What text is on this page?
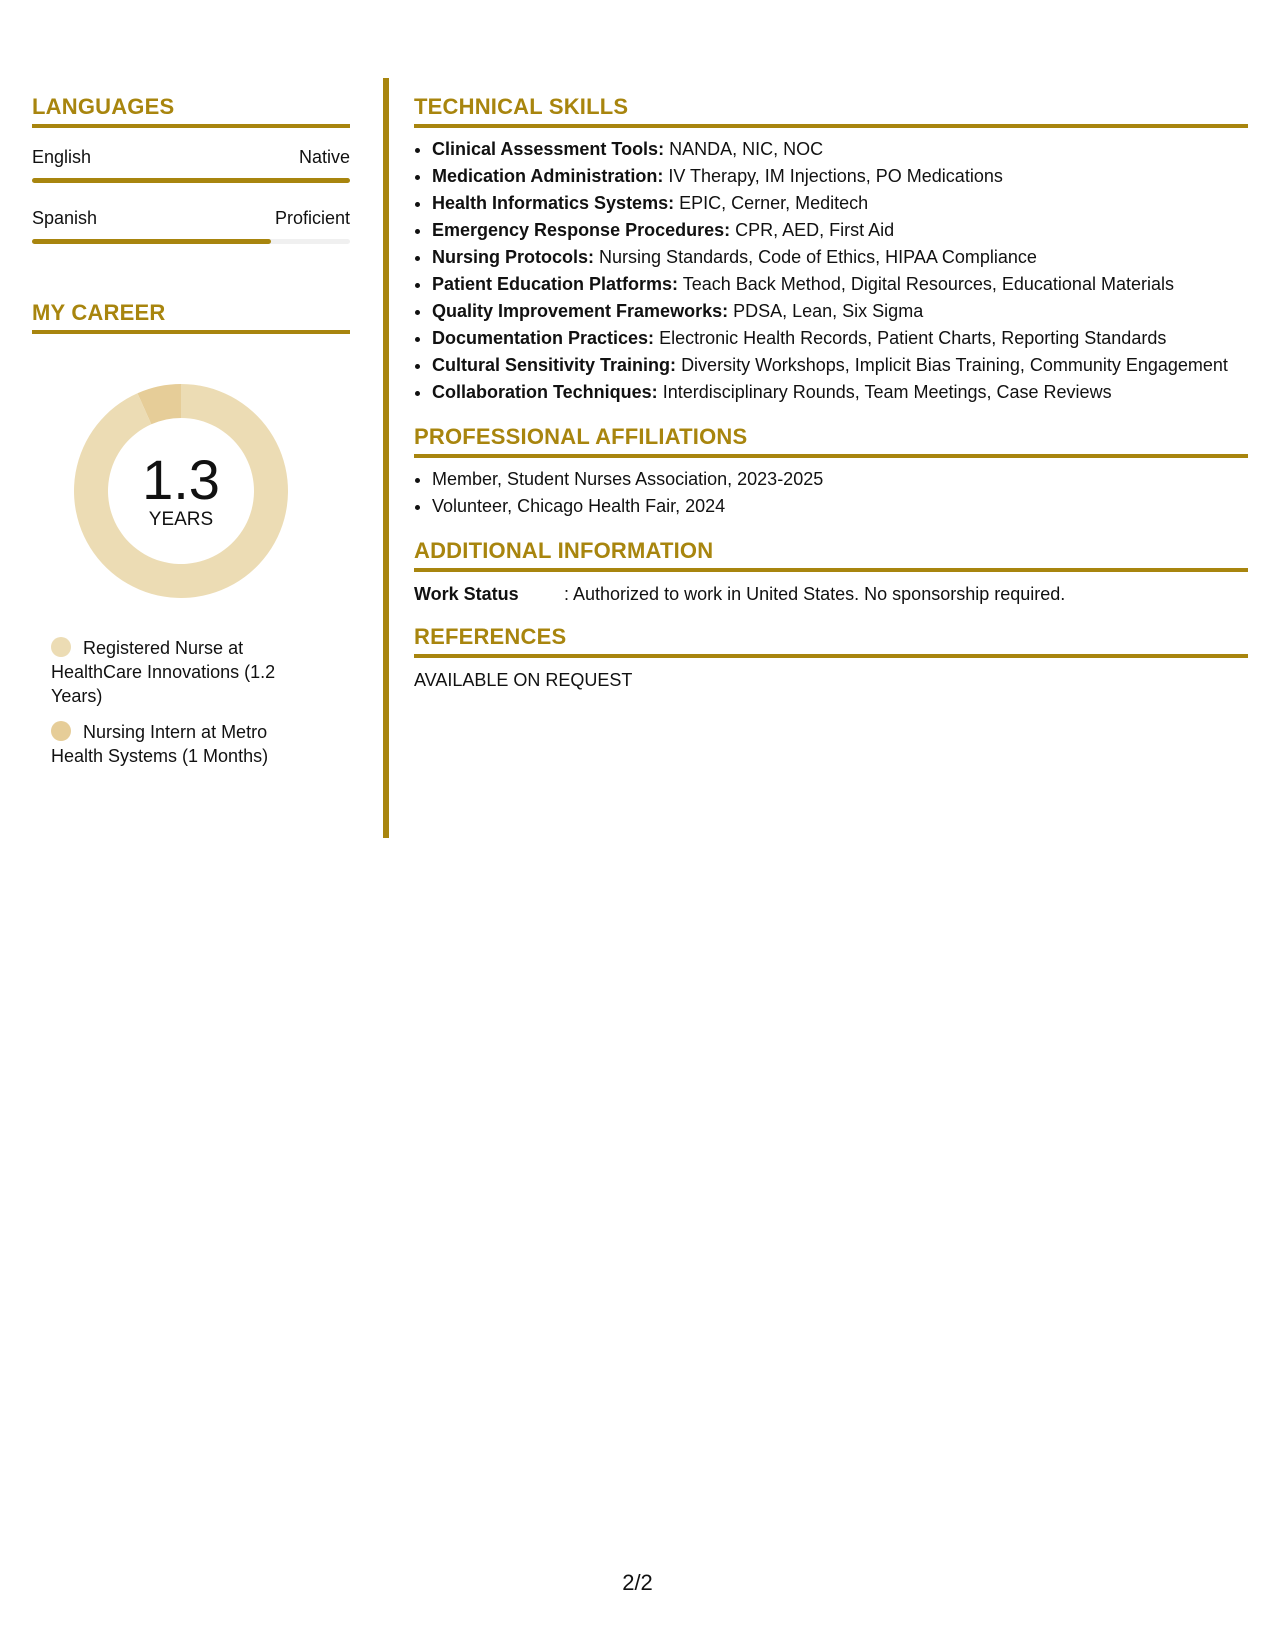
LANGUAGES
English	Native
Spanish	Proficient
MY CAREER
1.3
YEARS
Registered Nurse at HealthCare Innovations (1.2 Years)
Nursing Intern at Metro Health Systems (1 Months)
TECHNICAL SKILLS
• Clinical Assessment Tools: NANDA, NIC, NOC
• Medication Administration: IV Therapy, IM Injections, PO Medications
• Health Informatics Systems: EPIC, Cerner, Meditech
• Emergency Response Procedures: CPR, AED, First Aid
• Nursing Protocols: Nursing Standards, Code of Ethics, HIPAA Compliance
• Patient Education Platforms: Teach Back Method, Digital Resources, Educational Materials
• Quality Improvement Frameworks: PDSA, Lean, Six Sigma
• Documentation Practices: Electronic Health Records, Patient Charts, Reporting Standards
• Cultural Sensitivity Training: Diversity Workshops, Implicit Bias Training, Community Engagement
• Collaboration Techniques: Interdisciplinary Rounds, Team Meetings, Case Reviews
PROFESSIONAL AFFILIATIONS
• Member, Student Nurses Association, 2023-2025
• Volunteer, Chicago Health Fair, 2024
ADDITIONAL INFORMATION
Work Status	: Authorized to work in United States. No sponsorship required.
REFERENCES
AVAILABLE ON REQUEST
2/2
